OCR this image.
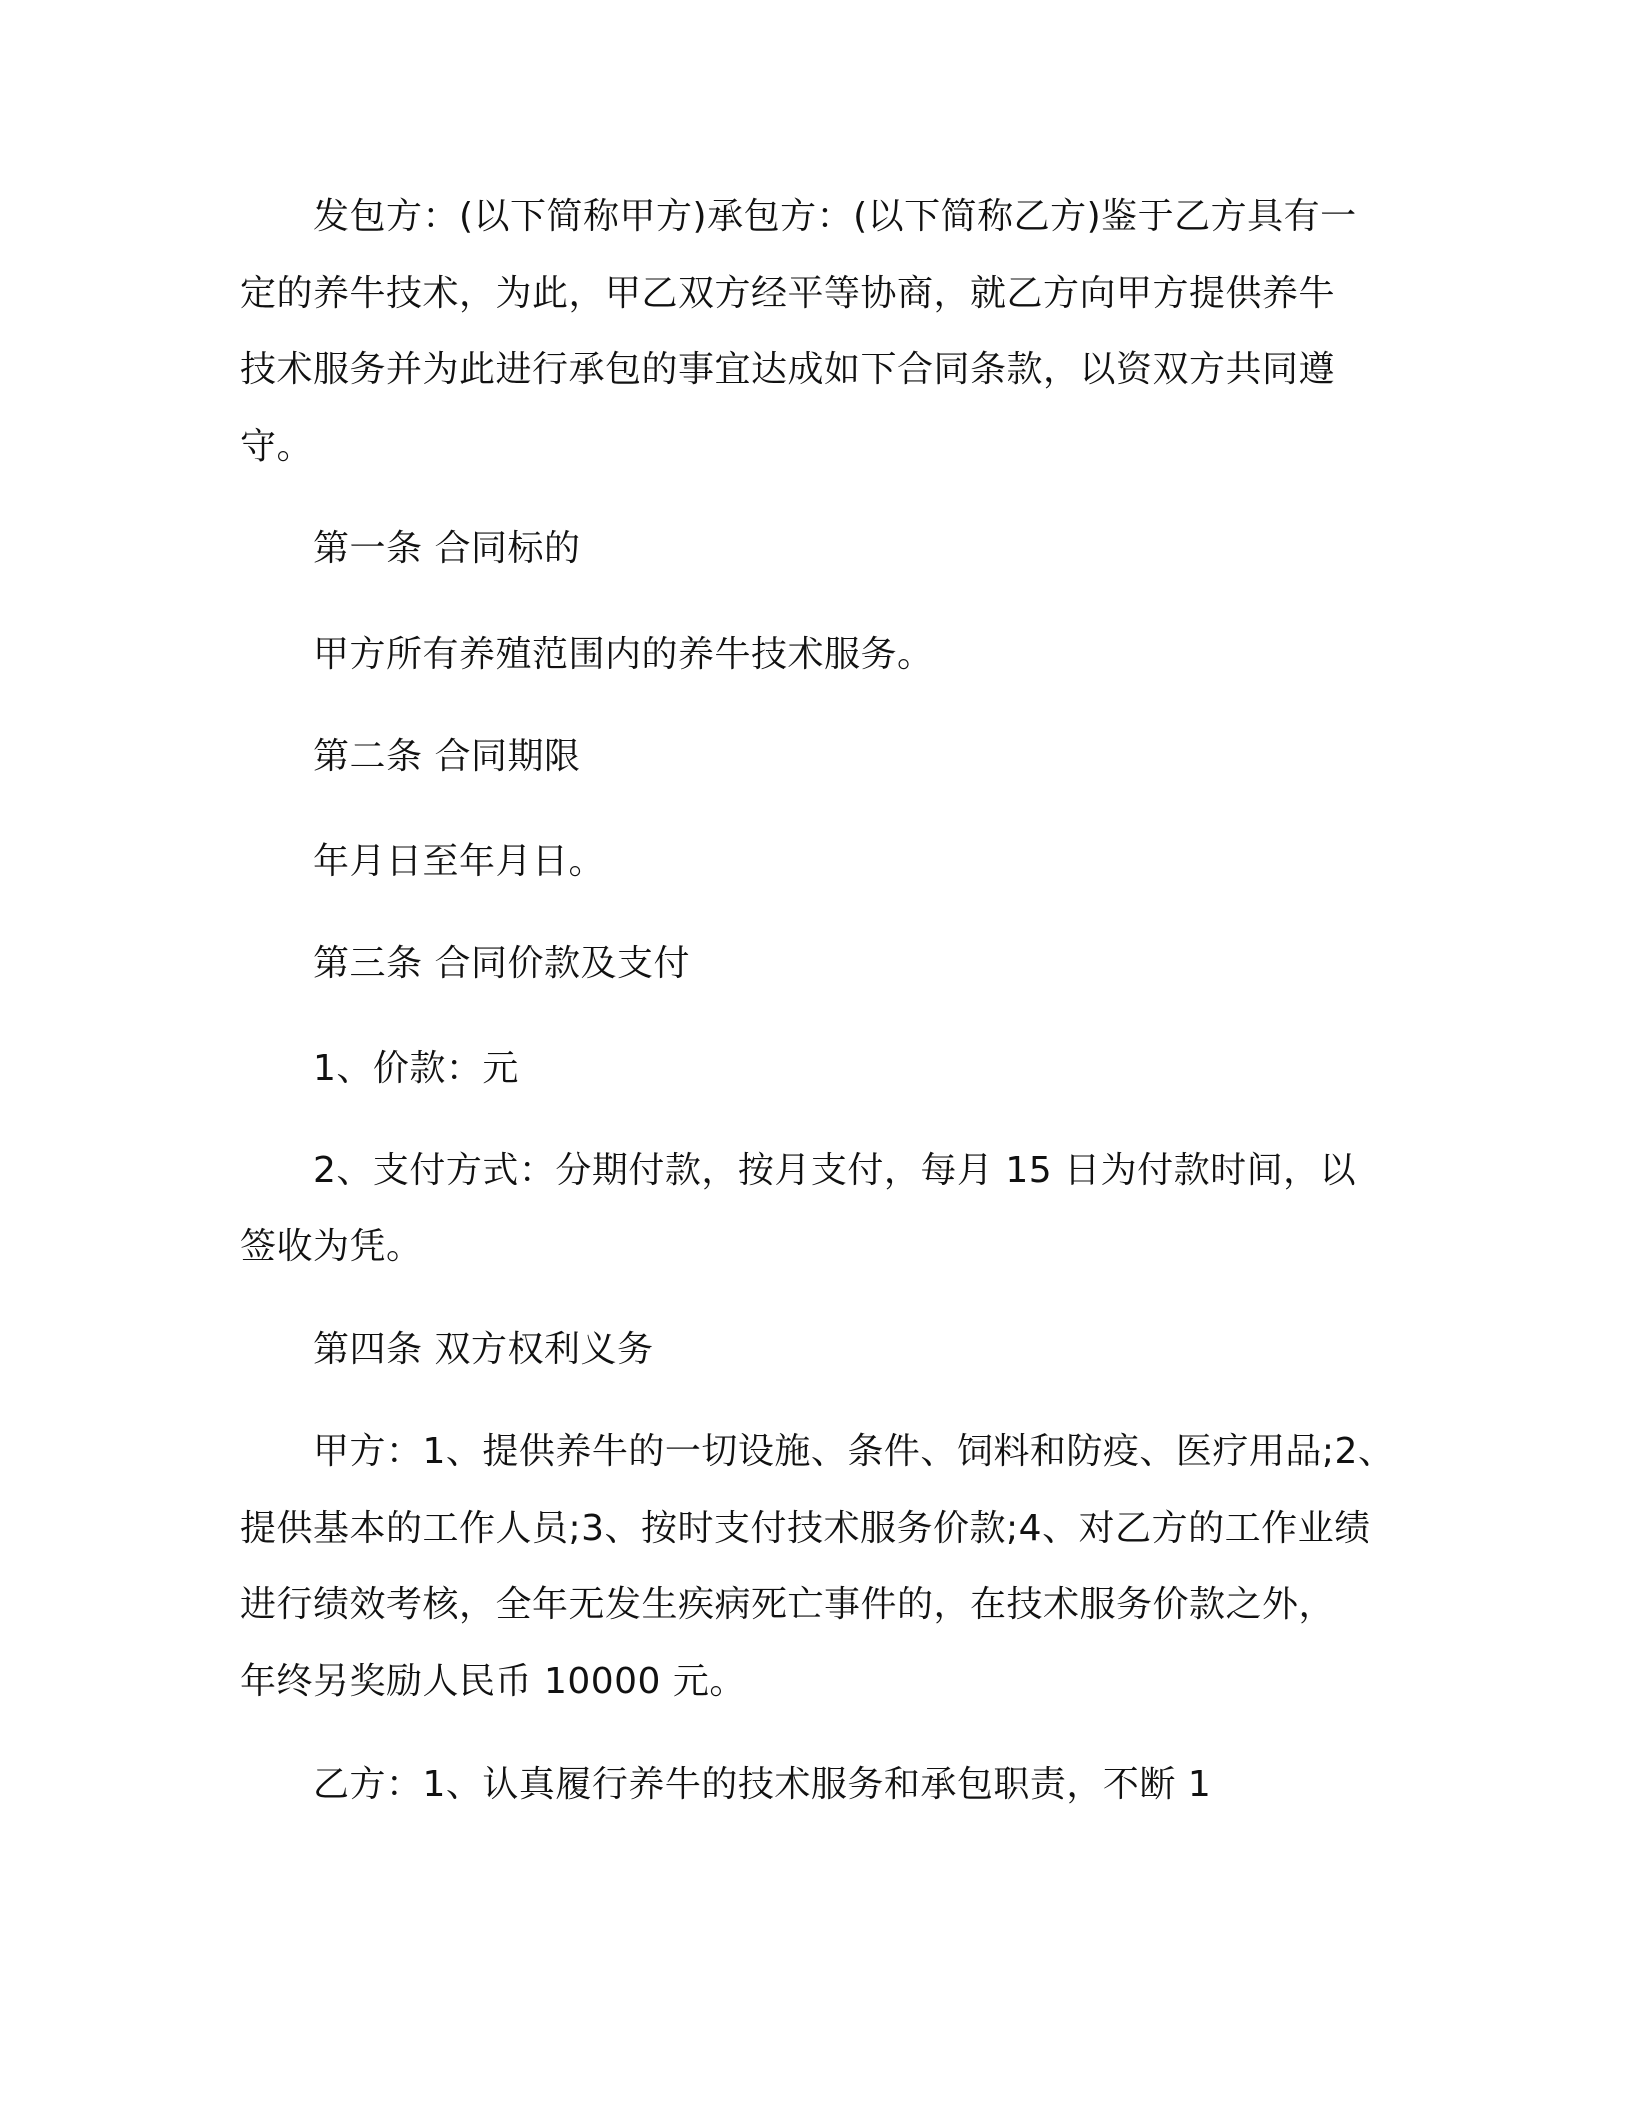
发包方：(以下简称甲方)承包方：(以下简称乙方)鉴于乙方具有一
定的养牛技术，为此，甲乙双方经平等协商，就乙方向甲方提供养牛
技术服务并为此进行承包的事宜达成如下合同条款，以资双方共同遵
守。
第一条 合同标的
甲方所有养殖范围内的养牛技术服务。
第二条 合同期限
年月日至年月日。
第三条 合同价款及支付
1、价款：元
2、支付方式：分期付款，按月支付，每月 15 日为付款时间，以
签收为凭。
第四条 双方权利义务
甲方：1、提供养牛的一切设施、条件、饲料和防疫、医疗用品;2、
提供基本的工作人员;3、按时支付技术服务价款;4、对乙方的工作业绩
进行绩效考核，全年无发生疾病死亡事件的，在技术服务价款之外，
年终另奖励人民币 10000 元。
乙方：1、认真履行养牛的技术服务和承包职责，不断 1
